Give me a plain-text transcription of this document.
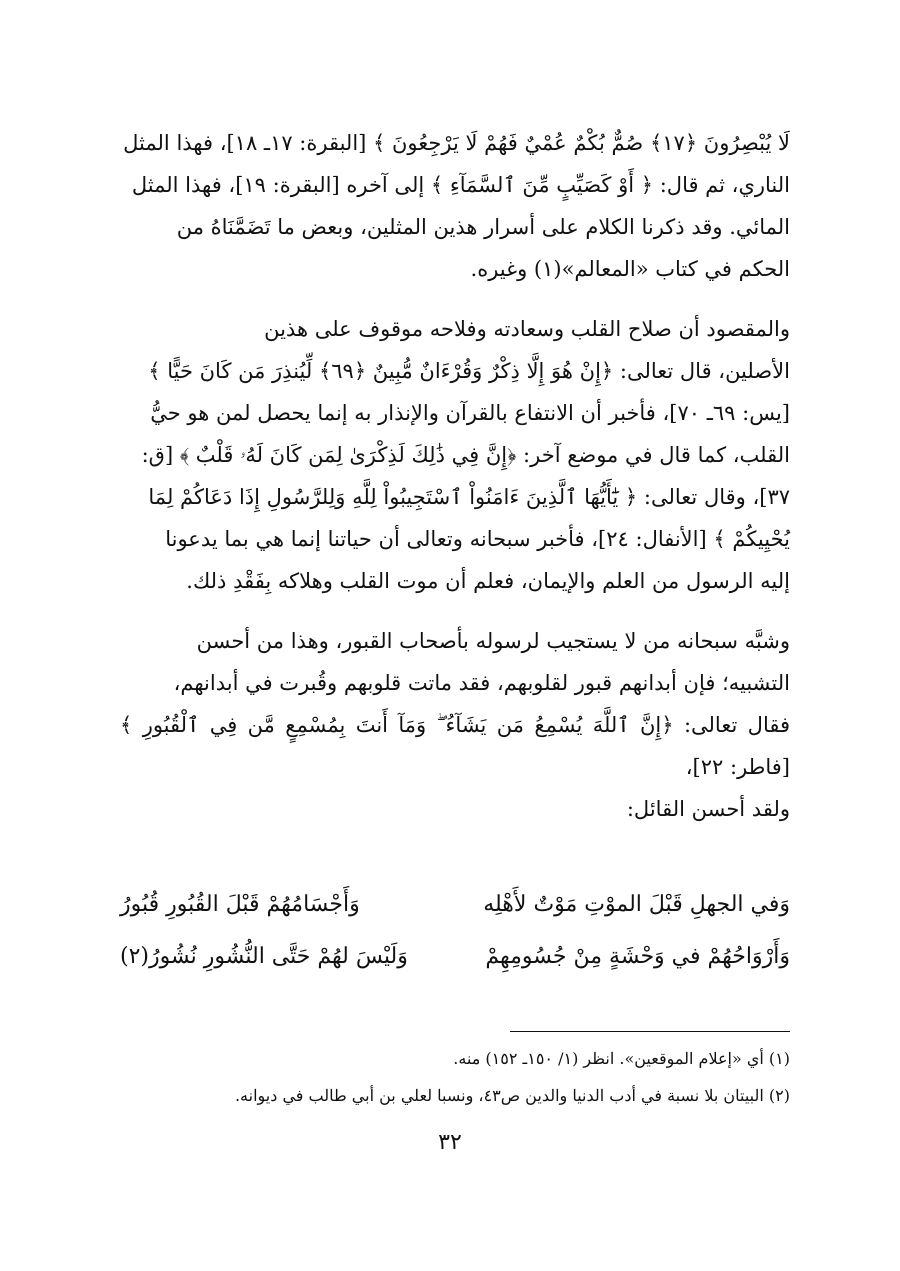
لَا يُبْصِرُونَ ﴿١٧﴾ صُمٌّ بُكْمٌ عُمْيٌ فَهُمْ لَا يَرْجِعُونَ ﴾ [البقرة: ١٧ـ ١٨]، فهذا المثل

الناري، ثم قال: ﴿ أَوْ كَصَيِّبٍ مِّنَ ٱلسَّمَآءِ ﴾ إلى آخره [البقرة: ١٩]، فهذا المثل

المائي. وقد ذكرنا الكلام على أسرار هذين المثلين، وبعض ما تَضَمَّنَاهُ من

الحكم في كتاب «المعالم»(١) وغيره.

والمقصود أن صلاح القلب وسعادته وفلاحه موقوف على هذين

الأصلين، قال تعالى: ﴿إِنْ هُوَ إِلَّا ذِكْرٌ وَقُرْءَانٌ مُّبِينٌ ﴿٦٩﴾ لِّيُنذِرَ مَن كَانَ حَيًّا ﴾

[يس: ٦٩ـ ٧٠]، فأخبر أن الانتفاع بالقرآن والإنذار به إنما يحصل لمن هو حيُّ

القلب، كما قال في موضع آخر: ﴿إِنَّ فِي ذَٰلِكَ لَذِكْرَىٰ لِمَن كَانَ لَهُۥ قَلْبٌ ﴾ [ق:

٣٧]، وقال تعالى: ﴿ يَٰٓأَيُّهَا ٱلَّذِينَ ءَامَنُواْ ٱسْتَجِيبُواْ لِلَّهِ وَلِلرَّسُولِ إِذَا دَعَاكُمْ لِمَا

يُحْيِيكُمْ ﴾ [الأنفال: ٢٤]، فأخبر سبحانه وتعالى أن حياتنا إنما هي بما يدعونا

إليه الرسول من العلم والإيمان، فعلم أن موت القلب وهلاكه بِفَقْدِ ذلك.

وشبَّه سبحانه من لا يستجيب لرسوله بأصحاب القبور، وهذا من أحسن

التشبيه؛ فإن أبدانهم قبور لقلوبهم، فقد ماتت قلوبهم وقُبرت في أبدانهم،

فقال تعالى: ﴿إِنَّ ٱللَّهَ يُسْمِعُ مَن يَشَآءُ ۖ وَمَآ أَنتَ بِمُسْمِعٍ مَّن فِي ٱلْقُبُورِ ﴾ [فاطر: ٢٢]،

ولقد أحسن القائل:

وَفي الجهلِ قَبْلَ الموْتِ مَوْتٌ لأَهْلِه
وَأَجْسَامُهُمْ قَبْلَ القُبُورِ قُبُورُ
وَأَرْوَاحُهُمْ في وَحْشَةٍ مِنْ جُسُومِهِمْ
وَلَيْسَ لهُمْ حَتَّى النُّشُورِ نُشُورُ(٢)
(١) أي «إعلام الموقعين». انظر (١/ ١٥٠ـ ١٥٢) منه.
(٢) البيتان بلا نسبة في أدب الدنيا والدين ص٤٣، ونسبا لعلي بن أبي طالب في ديوانه.
٣٢
